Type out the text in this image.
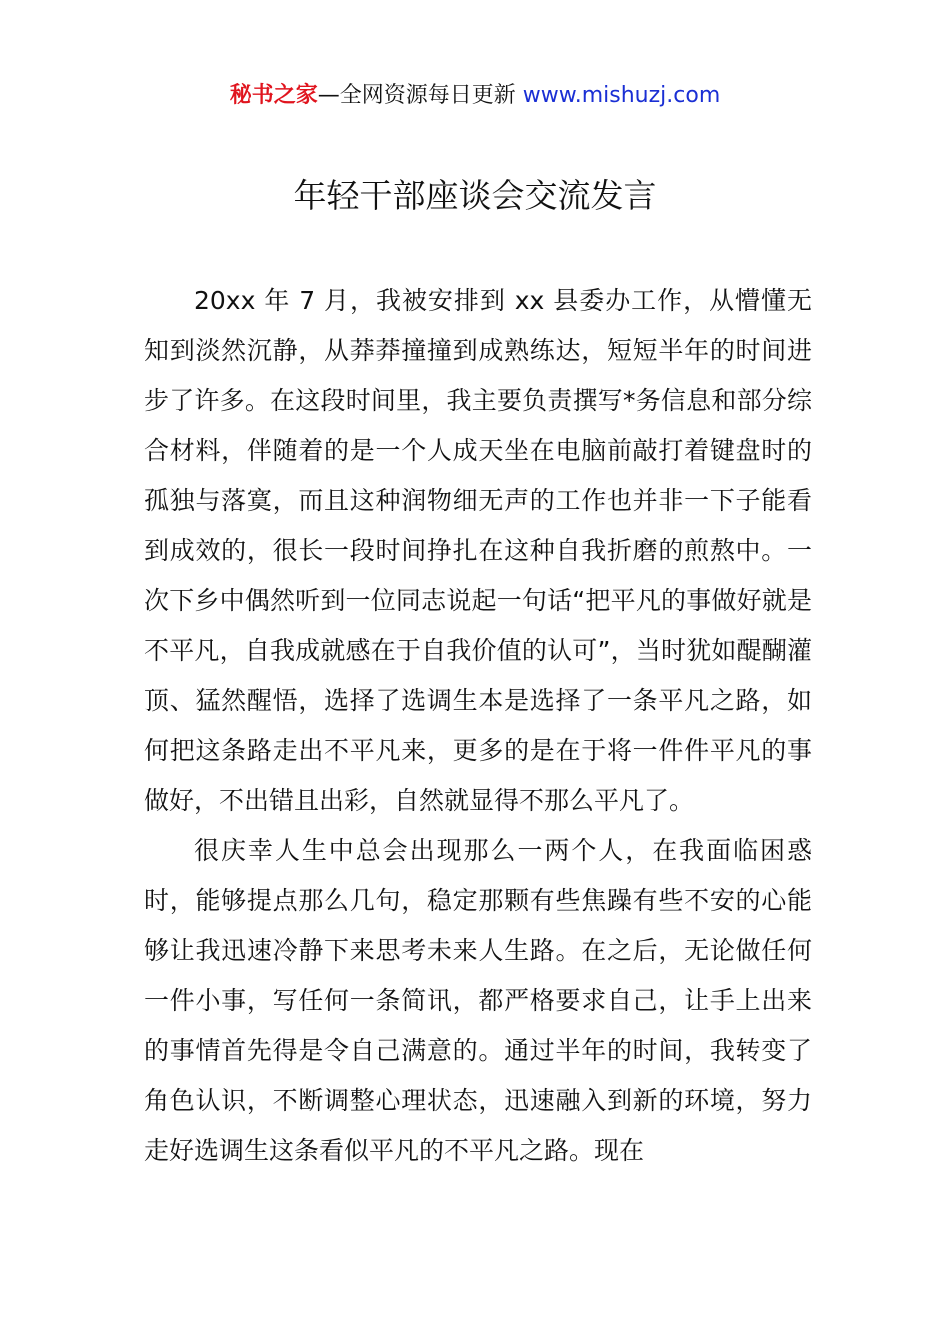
秘书之家—全网资源每日更新 www.mishuzj.com
年轻干部座谈会交流发言

20xx 年 7 月，我被安排到 xx 县委办工作，从懵懂无知到淡然沉静，从莽莽撞撞到成熟练达，短短半年的时间进步了许多。在这段时间里，我主要负责撰写*务信息和部分综合材料，伴随着的是一个人成天坐在电脑前敲打着键盘时的孤独与落寞，而且这种润物细无声的工作也并非一下子能看到成效的，很长一段时间挣扎在这种自我折磨的煎熬中。一次下乡中偶然听到一位同志说起一句话“把平凡的事做好就是不平凡，自我成就感在于自我价值的认可”，当时犹如醍醐灌顶、猛然醒悟，选择了选调生本是选择了一条平凡之路，如何把这条路走出不平凡来，更多的是在于将一件件平凡的事做好，不出错且出彩，自然就显得不那么平凡了。

很庆幸人生中总会出现那么一两个人，在我面临困惑时，能够提点那么几句，稳定那颗有些焦躁有些不安的心能够让我迅速冷静下来思考未来人生路。在之后，无论做任何一件小事，写任何一条简讯，都严格要求自己，让手上出来的事情首先得是令自己满意的。通过半年的时间，我转变了角色认识，不断调整心理状态，迅速融入到新的环境，努力走好选调生这条看似平凡的不平凡之路。现在
